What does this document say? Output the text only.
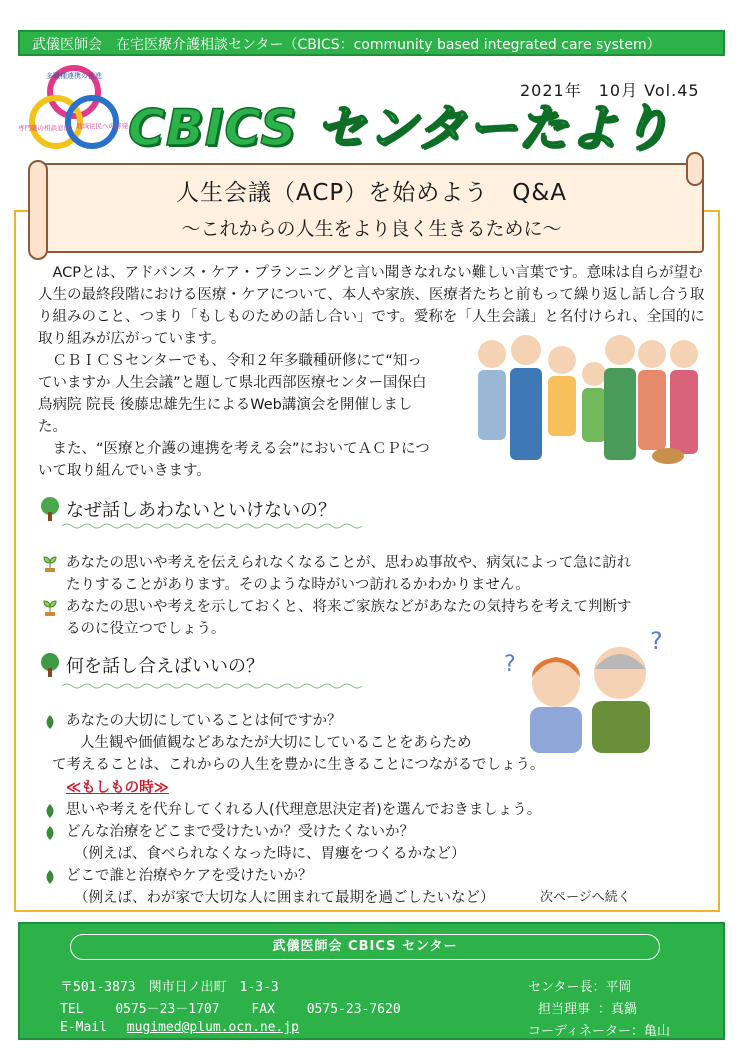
武儀医師会　在宅医療介護相談センター（CBICS：community based integrated care system）
多職種連携の推進
専門職の相談窓口 地域住民への啓発
2021年　10月 Vol.45
CBICS センターたより
人生会議（ACP）を始めよう　Q&A
～これからの人生をより良く生きるために～

　ACPとは、アドバンス・ケア・プランニングと言い聞きなれない難しい言葉です。意味は自らが望む人生の最終段階における医療・ケアについて、本人や家族、医療者たちと前もって繰り返し話し合う取り組みのこと、つまり「もしものための話し合い」です。愛称を「人生会議」と名付けられ、全国的に取り組みが広がっています。

　ＣＢＩＣＳセンターでも、令和２年多職種研修にて“知っていますか 人生会議”と題して県北西部医療センター国保白鳥病院 院長 後藤忠雄先生によるWeb講演会を開催しました。

　また、“医療と介護の連携を考える会”においてＡＣＰについて取り組んでいきます。

なぜ話しあわないといけないの？
あなたの思いや考えを伝えられなくなることが、思わぬ事故や、病気によって急に訪れたりすることがあります。そのような時がいつ訪れるかわかりません。
あなたの思いや考えを示しておくと、将来ご家族などがあなたの気持ちを考えて判断するのに役立つでしょう。
何を話し合えばいいの？	?
?
あなたの大切にしていることは何ですか？
人生観や価値観などあなたが大切にしていることをあらため
て考えることは、これからの人生を豊かに生きることにつながるでしょう。
≪もしもの時≫
思いや考えを代弁してくれる人(代理意思決定者)を選んでおきましょう。
どんな治療をどこまで受けたいか？受けたくないか？
（例えば、食べられなくなった時に、胃瘻をつくるかなど）
どこで誰と治療やケアを受けたいか？
（例えば、わが家で大切な人に囲まれて最期を過ごしたいなど）	次ページへ続く
武儀医師会 CBICS センター
〒501-3873　関市日ノ出町　1-3-3
TEL 0575－23－1707 FAX 0575-23-7620
E-Mail mugimed@plum.ocn.ne.jp
センター長：平岡
担当理事 ：真鍋
コーディネーター：亀山
